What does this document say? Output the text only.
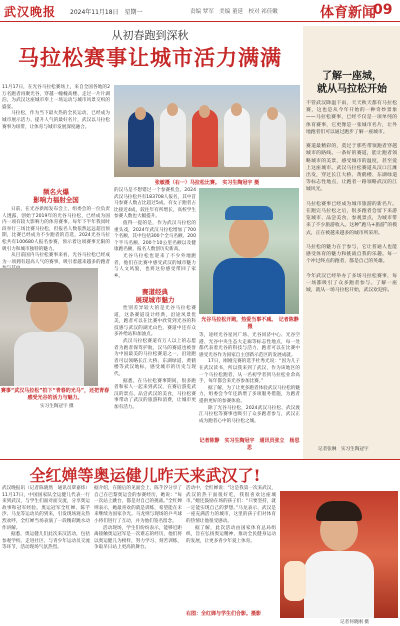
武汉晚报 2024年11月18日　星期一	责编 覃军　美编 董延　校对 祁佳嫩	体育新闻
09
从初春跑到深秋
马拉松赛事让城市活力满满

11月17日，在光谷马拉松赛场上，来自全国各地的2万名跑者再聚光谷，穿越一幢幢高楼、走过一片片湖泊，为武汉这座城市奉上一场运动与城市风景交织的盛宴。

马拉松，作为当下最火热的全民运动，已经成为城市展示活力、提升人气的最好名片，武汉以马拉松赛事为纽带，让体育与城市发展深度融合。

频名火爆
影响力福射全国

日前，在光谷新闻发布会上，组委会的一位负责人透露，创始于2019年的光谷马拉松，已经成为国内一项有较大影响力的体育赛事。每年下半年我同时段举行三场比赛马拉松，但报名人数依然远远超出预期，比赛已经成为不少跑者的首选，2024光谷马拉松共有100680人报名参赛，预示着这项赛事无限的吸引力和城市独特的魅力。

从目前国内马拉松赛事来看，光谷马拉松已经成为一项拥有超高人气的赛事，吸引着越来越多的跑者

张敏摄（右一）马拉松比赛。　实习生陶冠宇 摄

的汉马是不想错过一个参赛机会。2024武汉马拉松共有183708人报名，其中首马参赛人数占比超过5成，有女子跑者占比接近4成，较往年有所增长，高校学生参赛人数也大幅提升。

值得一提的是，作为武汉马拉松的重头戏，2024年武汉马拉松增加了700个名额，其中包括300个全马名额、200个半马名额、200个10公里名额以及健康跑名额，报名人数创历史新高。

光谷马拉松也迎来了不少外地跑者，他们在比赛中感受武汉的城市魅力与人文风貌，也将这份感受带回了家乡。

赛道经典
展现城市魅力

性别差异较大的是光谷马拉松赛道，这条赛道设计经典，沿途风景优美，跑者可以在比赛中欣赏到光谷的科技感与武汉的湖光山色，赛道中还有众多补给站和加油点。

武汉马拉松赛道有万人以上的志愿者为跑者保驾护航，汉马的赛道也被誉为中国最美的马拉松赛道之一，沿途跑者可以领略长江大桥、东湖绿道、黄鹤楼等武汉地标，感受城市的历史与现代。

据悉，在马拉松赛事期间，很多跑者和家人一起来到武汉，在赛后游览武汉的景点、品尝武汉的美食，马拉松赛事带动了武汉的旅游和消费，让城市更加有活力。

光谷马拉松开跑，热爱当事不减。　记者陈静 摄

等，途经光谷星河广场、光谷同济中心、光谷空港、光谷中央生态大走廊等标志性地点，每一处都代表着光谷的科技与活力，跑者可以在比赛中感受光谷作为国家自主创新示范区的发展成就。

17日，刚刚完赛的选手杜秀光说：“因为儿子在武汉读书，所以我来到了武汉，作为该地区的一个马拉松跑者，从一名初学者到马拉松业余高手，每年都会来光谷参加比赛。”

据了解，为了让更多跑者体验武汉马拉松的魅力，组委会今年还新增了多项服务措施，为跑者提供更好的参赛体验。

除了光谷马拉松，2024武汉马拉松、武汉渡江马拉松等赛事也吸引了众多跑者参与，武汉正成为跑者心中的马拉松之城。

记者陈静　实习生陶冠宇　通讯员张立　杨思思
赛事“武汉马拉松”拍下“青春的光马”，还把青春感受光谷的活力与魅力。
实习生陶冠宇 摄
了解一座城，
就从马拉松开始
不管武汉降温下雨，天天秋天都有马拉松赛，这也是从今年开始的一种奇妙景象——马拉松赛事，已经不仅是一项单纯的体育赛事，它更像是一张城市名片，让外地跑者们可以通过跑步了解一座城市。

赛道最精彩的，莫过于那些带领跑者穿越城市的路线。一条好的赛道，能让跑者领略城市的美景，感受城市的温度，甚至爱上这座城市。武汉马拉松赛道从汉口江滩出发，穿过长江大桥、黄鹤楼、东湖绿道等标志性地点，让跑者一路领略武汉的江城风光。

马拉松赛事已经成为城市旅游的新名片。在跑完马拉松之后，很多跑者会留下来游览城市、品尝美食、参观景点，为城市带来了不少旅游收入。这种“跑马+旅游”的模式，正在被越来越多的城市所采用。

马拉松的魅力在于参与，它让普通人也能感受体育的魅力和挑战自我的乐趣。每一个冲过终点的跑者，都是自己的英雄。

今年武汉已经举办了多场马拉松赛事，每一场都吸引了众多跑者参与。了解一座城，就从一场马拉松开始，武汉欢迎你。
记者张琳　实习生陶冠宇
全红婵等奥运健儿昨天来武汉了!

武汉晚报讯（记者陈晓然　通讯员覃嘉炜）11月17日，中国国家队全运健儿代表一行来到武汉，与学生们面对面交流，分享奥运故事和冠军经验。奥运冠军全红婵、陈芋汐、马龙等运动员的到来，引发现场观众热烈欢呼，全红婵当场表演了一段精彩跳水动作讲解。

据悉，奥运健儿们此次来汉活动，包括参观学校、走进社区、与青少年运动员交流等环节，活动现场气氛热烈。

据介绍，在随后的见面会上，陈芋汐分享了自己在巴黎奥运会的参赛经历，她说：“每一次站上跳台，都是对自己的挑战。”全红婵则表示，她最喜欢的就是训练，希望能在未来继续为国家争光。马龙则与现场的乒乓球小将们进行了互动，并为他们签名留念。

活动现场，学生们纷纷表示，能够近距离接触奥运冠军是一次难忘的经历，他们将以奥运健儿为榜样，努力学习、刻苦训练，争取早日站上更高的舞台。

活动中，全红婵说：“这是我第一次来武汉，武汉的热干面很好吃，我很喜欢这座城市。”她还鼓励在场的孩子们：“只要坚持，就一定能实现自己的梦想。”马龙表示，武汉是一座充满活力的城市，这里的孩子们对体育的热情让他很受感动。

据了解，此次活动由国家体育总局组织，旨在弘扬奥运精神，推动全民健身运动的发展，让更多青少年爱上体育。

右图：全红婵与学生们合影。摄影
记者何晓刚 摄
